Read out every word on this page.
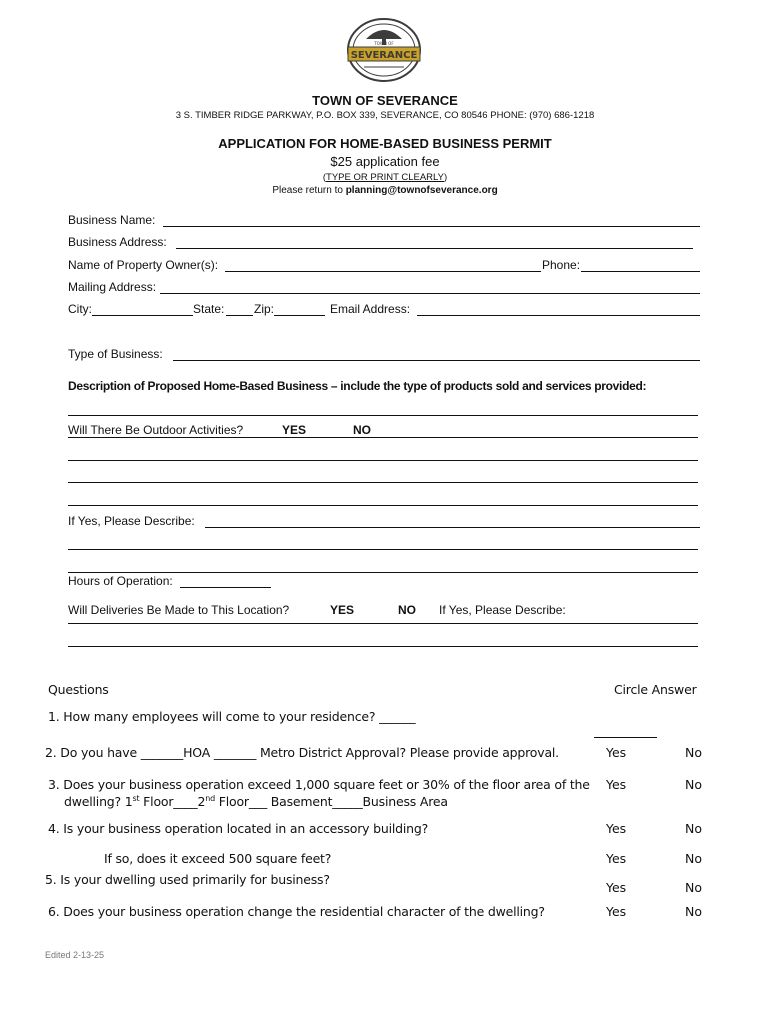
SEVERANCE
TOWN OF
TOWN OF SEVERANCE
3 S. TIMBER RIDGE PARKWAY, P.O. BOX 339, SEVERANCE, CO 80546 PHONE: (970) 686-1218
APPLICATION FOR HOME-BASED BUSINESS PERMIT
$25 application fee
(TYPE OR PRINT CLEARLY)
Please return to planning@townofseverance.org
Business Name:
Business Address:
Name of Property Owner(s):	Phone:
Mailing Address:
City:	State: Zip:	Email Address:
Type of Business:
Description of Proposed Home-Based Business – include the type of products sold and services provided:
Will There Be Outdoor Activities?	YES	NO
If Yes, Please Describe:
Hours of Operation:
Will Deliveries Be Made to This Location?	YES	NO If Yes, Please Describe:
Questions	Circle Answer
1. How many employees will come to your residence? ______
2. Do you have _______HOA _______ Metro District Approval? Please provide approval.	Yes	No
3. Does your business operation exceed 1,000 square feet or 30% of the floor area of the
dwelling? 1st Floor____2nd Floor___ Basement_____Business Area
Yes	No
4. Is your business operation located in an accessory building?	Yes	No
If so, does it exceed 500 square feet?	Yes	No
5. Is your dwelling used primarily for business?
Yes	No
6. Does your business operation change the residential character of the dwelling?	Yes	No
Edited 2-13-25
